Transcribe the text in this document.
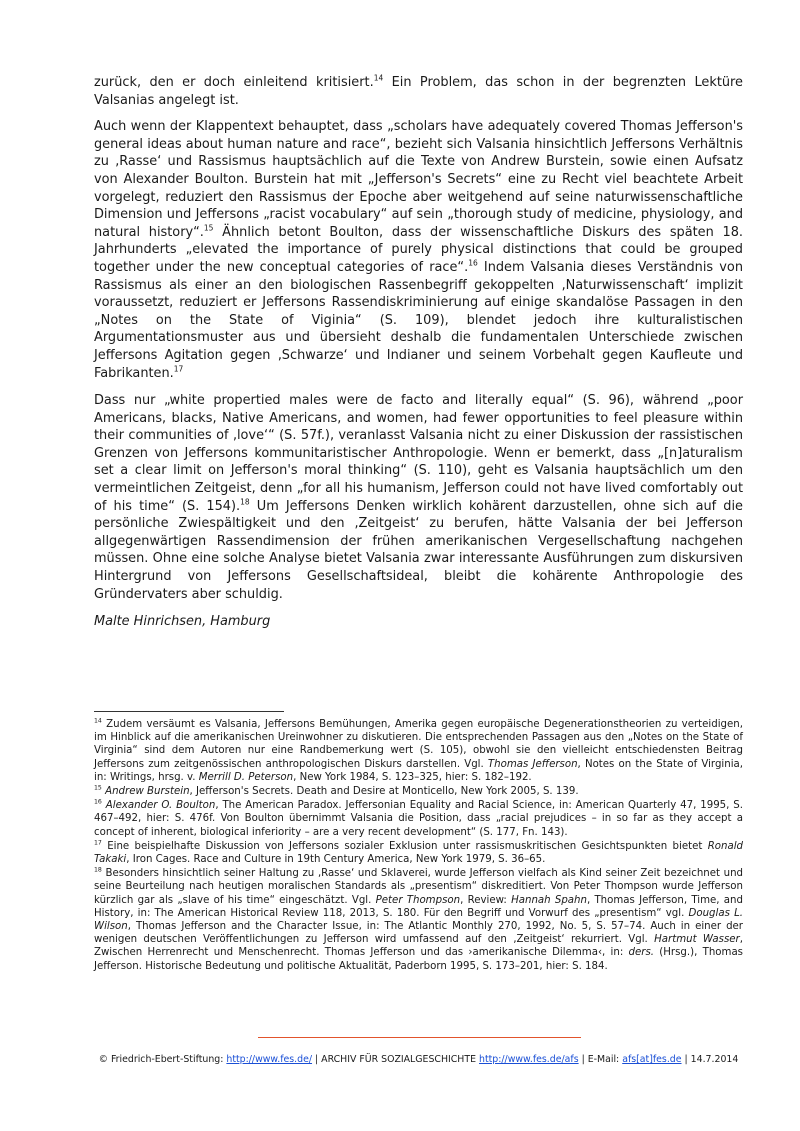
zurück, den er doch einleitend kritisiert.$^{14}$ Ein Problem, das schon in der begrenzten Lektüre Valsanias angelegt ist.

Auch wenn der Klappentext behauptet, dass „scholars have adequately covered Thomas Jefferson's general ideas about human nature and race“, bezieht sich Valsania hinsichtlich Jeffersons Verhältnis zu ‚Rasse‘ und Rassismus hauptsächlich auf die Texte von Andrew Burstein, sowie einen Aufsatz von Alexander Boulton. Burstein hat mit „Jefferson's Secrets“ eine zu Recht viel beachtete Arbeit vorgelegt, reduziert den Rassismus der Epoche aber weitgehend auf seine naturwissenschaftliche Dimension und Jeffersons „racist vocabulary“ auf sein „thorough study of medicine, physiology, and natural history“.$^{15}$ Ähnlich betont Boulton, dass der wissenschaftliche Diskurs des späten 18. Jahrhunderts „elevated the importance of purely physical distinctions that could be grouped together under the new conceptual categories of race“.$^{16}$ Indem Valsania dieses Verständnis von Rassismus als einer an den biologischen Rassenbegriff gekoppelten ‚Naturwissenschaft‘ implizit voraussetzt, reduziert er Jeffersons Rassendiskriminierung auf einige skandalöse Passagen in den „Notes on the State of Viginia“ (S. 109), blendet jedoch ihre kulturalistischen Argumentationsmuster aus und übersieht deshalb die fundamentalen Unterschiede zwischen Jeffersons Agitation gegen ‚Schwarze‘ und Indianer und seinem Vorbehalt gegen Kaufleute und Fabrikanten.$^{17}$

Dass nur „white propertied males were de facto and literally equal“ (S. 96), während „poor Americans, blacks, Native Americans, and women, had fewer opportunities to feel pleasure within their communities of ‚love‘“ (S. 57f.), veranlasst Valsania nicht zu einer Diskussion der rassistischen Grenzen von Jeffersons kommunitaristischer Anthropologie. Wenn er bemerkt, dass „[n]aturalism set a clear limit on Jefferson's moral thinking“ (S. 110), geht es Valsania hauptsächlich um den vermeintlichen Zeitgeist, denn „for all his humanism, Jefferson could not have lived comfortably out of his time“ (S. 154).$^{18}$ Um Jeffersons Denken wirklich kohärent darzustellen, ohne sich auf die persönliche Zwiespältigkeit und den ‚Zeitgeist‘ zu berufen, hätte Valsania der bei Jefferson allgegenwärtigen Rassendimension der frühen amerikanischen Vergesellschaftung nachgehen müssen. Ohne eine solche Analyse bietet Valsania zwar interessante Ausführungen zum diskursiven Hintergrund von Jeffersons Gesellschaftsideal, bleibt die kohärente Anthropologie des Gründervaters aber schuldig.

Malte Hinrichsen, Hamburg

$^{14}$ Zudem versäumt es Valsania, Jeffersons Bemühungen, Amerika gegen europäische Degenerationstheorien zu verteidigen, im Hinblick auf die amerikanischen Ureinwohner zu diskutieren. Die entsprechenden Passagen aus den „Notes on the State of Virginia“ sind dem Autoren nur eine Randbemerkung wert (S. 105), obwohl sie den vielleicht entschiedensten Beitrag Jeffersons zum zeitgenössischen anthropologischen Diskurs darstellen. Vgl. Thomas Jefferson, Notes on the State of Virginia, in: Writings, hrsg. v. Merrill D. Peterson, New York 1984, S. 123–325, hier: S. 182–192.

$^{15}$ Andrew Burstein, Jefferson's Secrets. Death and Desire at Monticello, New York 2005, S. 139.

$^{16}$ Alexander O. Boulton, The American Paradox. Jeffersonian Equality and Racial Science, in: American Quarterly 47, 1995, S. 467–492, hier: S. 476f. Von Boulton übernimmt Valsania die Position, dass „racial prejudices – in so far as they accept a concept of inherent, biological inferiority – are a very recent development“ (S. 177, Fn. 143).

$^{17}$ Eine beispielhafte Diskussion von Jeffersons sozialer Exklusion unter rassismuskritischen Gesichtspunkten bietet Ronald Takaki, Iron Cages. Race and Culture in 19th Century America, New York 1979, S. 36–65.

$^{18}$ Besonders hinsichtlich seiner Haltung zu ‚Rasse‘ und Sklaverei, wurde Jefferson vielfach als Kind seiner Zeit bezeichnet und seine Beurteilung nach heutigen moralischen Standards als „presentism“ diskreditiert. Von Peter Thompson wurde Jefferson kürzlich gar als „slave of his time“ eingeschätzt. Vgl. Peter Thompson, Review: Hannah Spahn, Thomas Jefferson, Time, and History, in: The American Historical Review 118, 2013, S. 180. Für den Begriff und Vorwurf des „presentism“ vgl. Douglas L. Wilson, Thomas Jefferson and the Character Issue, in: The Atlantic Monthly 270, 1992, No. 5, S. 57–74. Auch in einer der wenigen deutschen Veröffentlichungen zu Jefferson wird umfassend auf den ‚Zeitgeist‘ rekurriert. Vgl. Hartmut Wasser, Zwischen Herrenrecht und Menschenrecht. Thomas Jefferson und das ›amerikanische Dilemma‹, in: ders. (Hrsg.), Thomas Jefferson. Historische Bedeutung und politische Aktualität, Paderborn 1995, S. 173–201, hier: S. 184.

© Friedrich-Ebert-Stiftung: http://www.fes.de/ | ARCHIV FÜR SOZIALGESCHICHTE http://www.fes.de/afs | E-Mail: afs[at]fes.de | 14.7.2014
